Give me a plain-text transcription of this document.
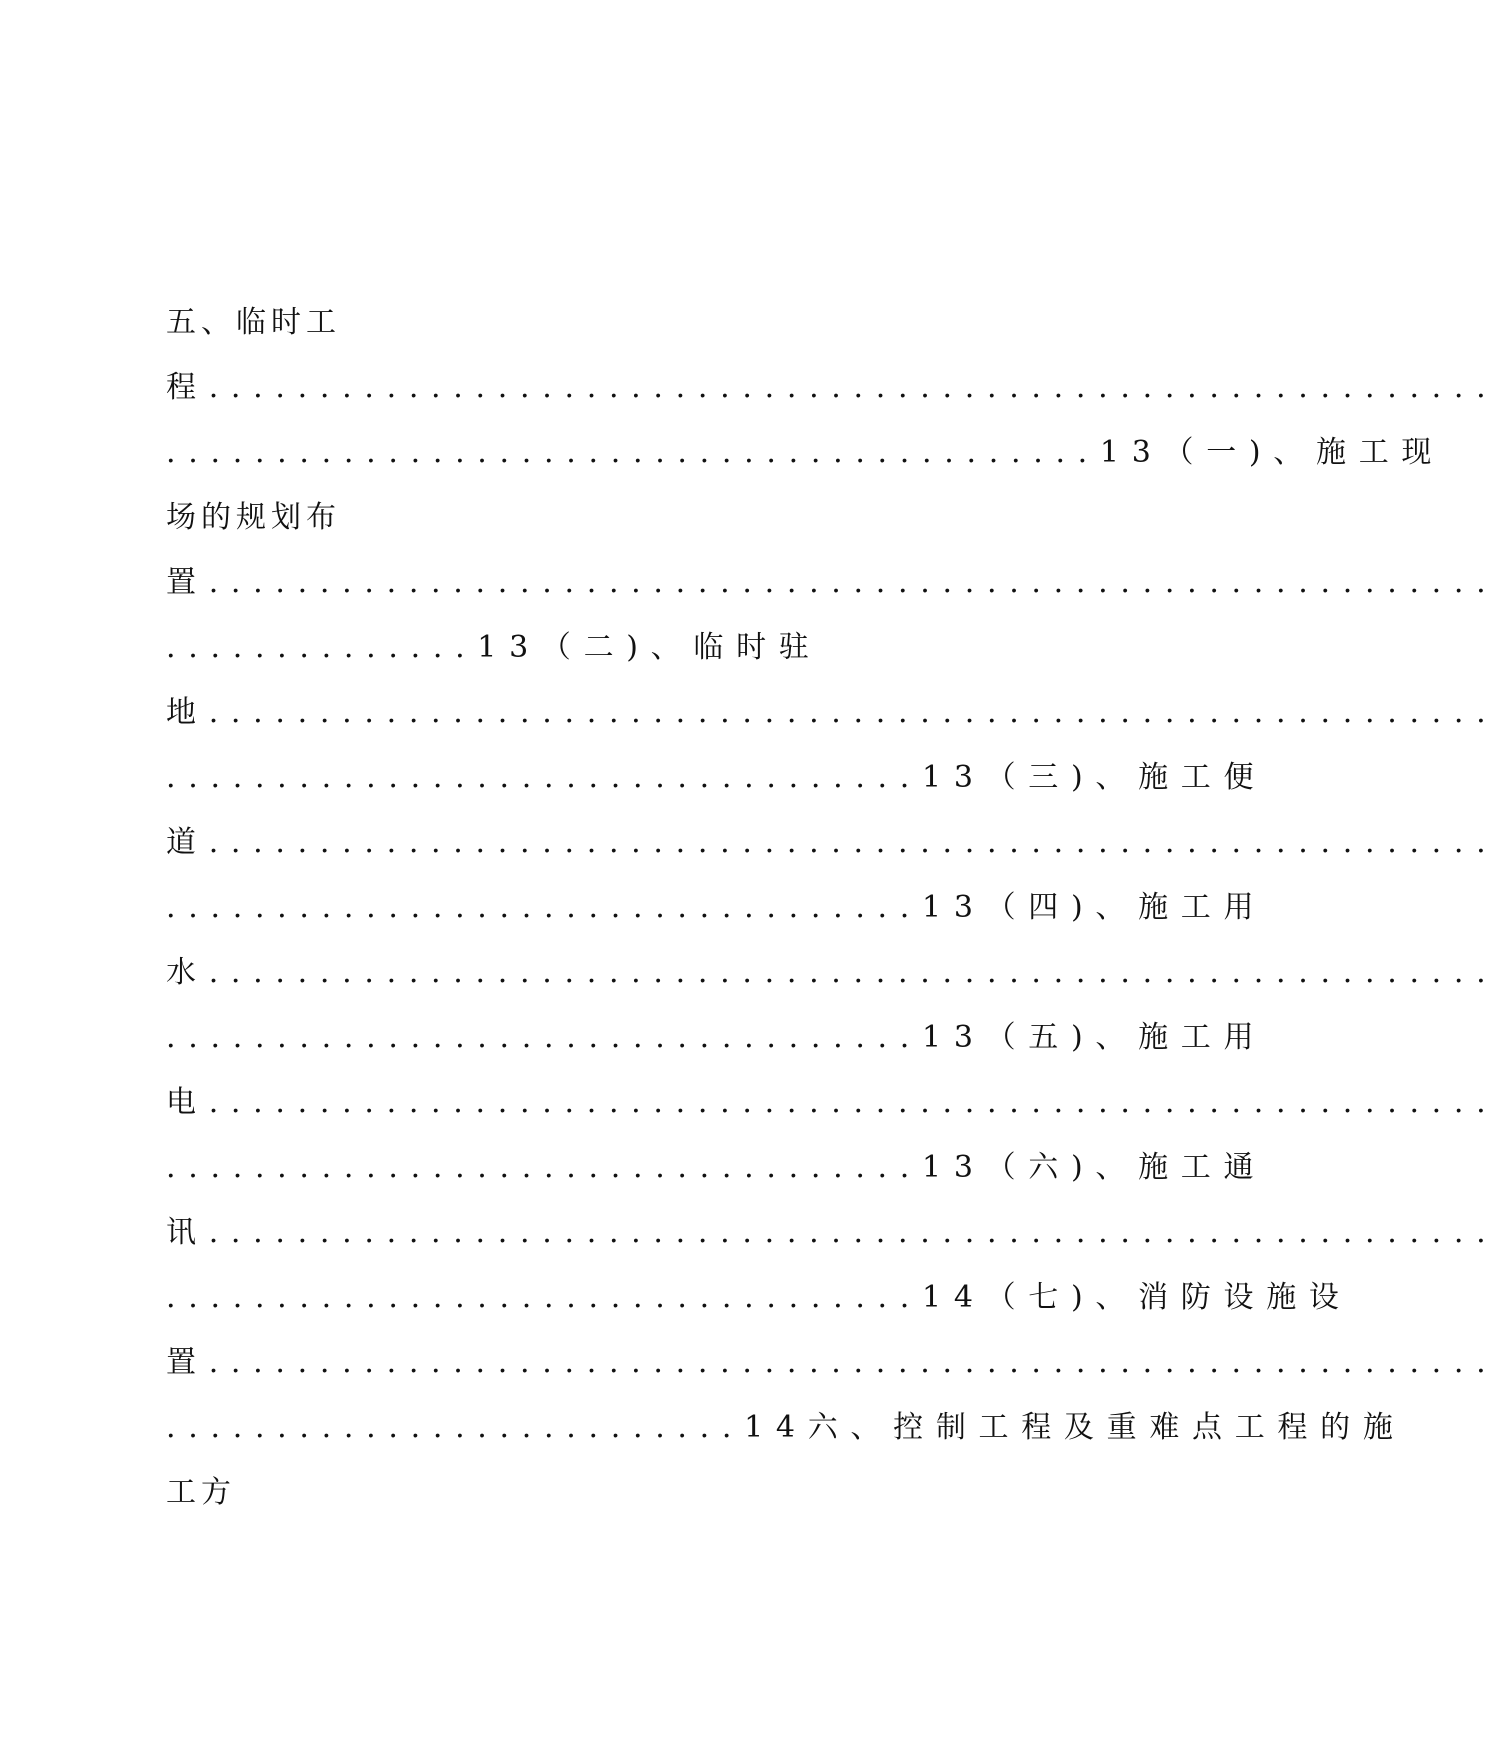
五、临时工
程..........................................................
..........................................13（一)、施工现
场的规划布
置..........................................................
..............13（二)、临时驻
地..........................................................
..................................13（三)、施工便
道..........................................................
..................................13（四)、施工用
水..........................................................
..................................13（五)、施工用
电..........................................................
..................................13（六)、施工通
讯..........................................................
..................................14（七)、消防设施设
置..........................................................
..........................14六、控制工程及重难点工程的施
工方
